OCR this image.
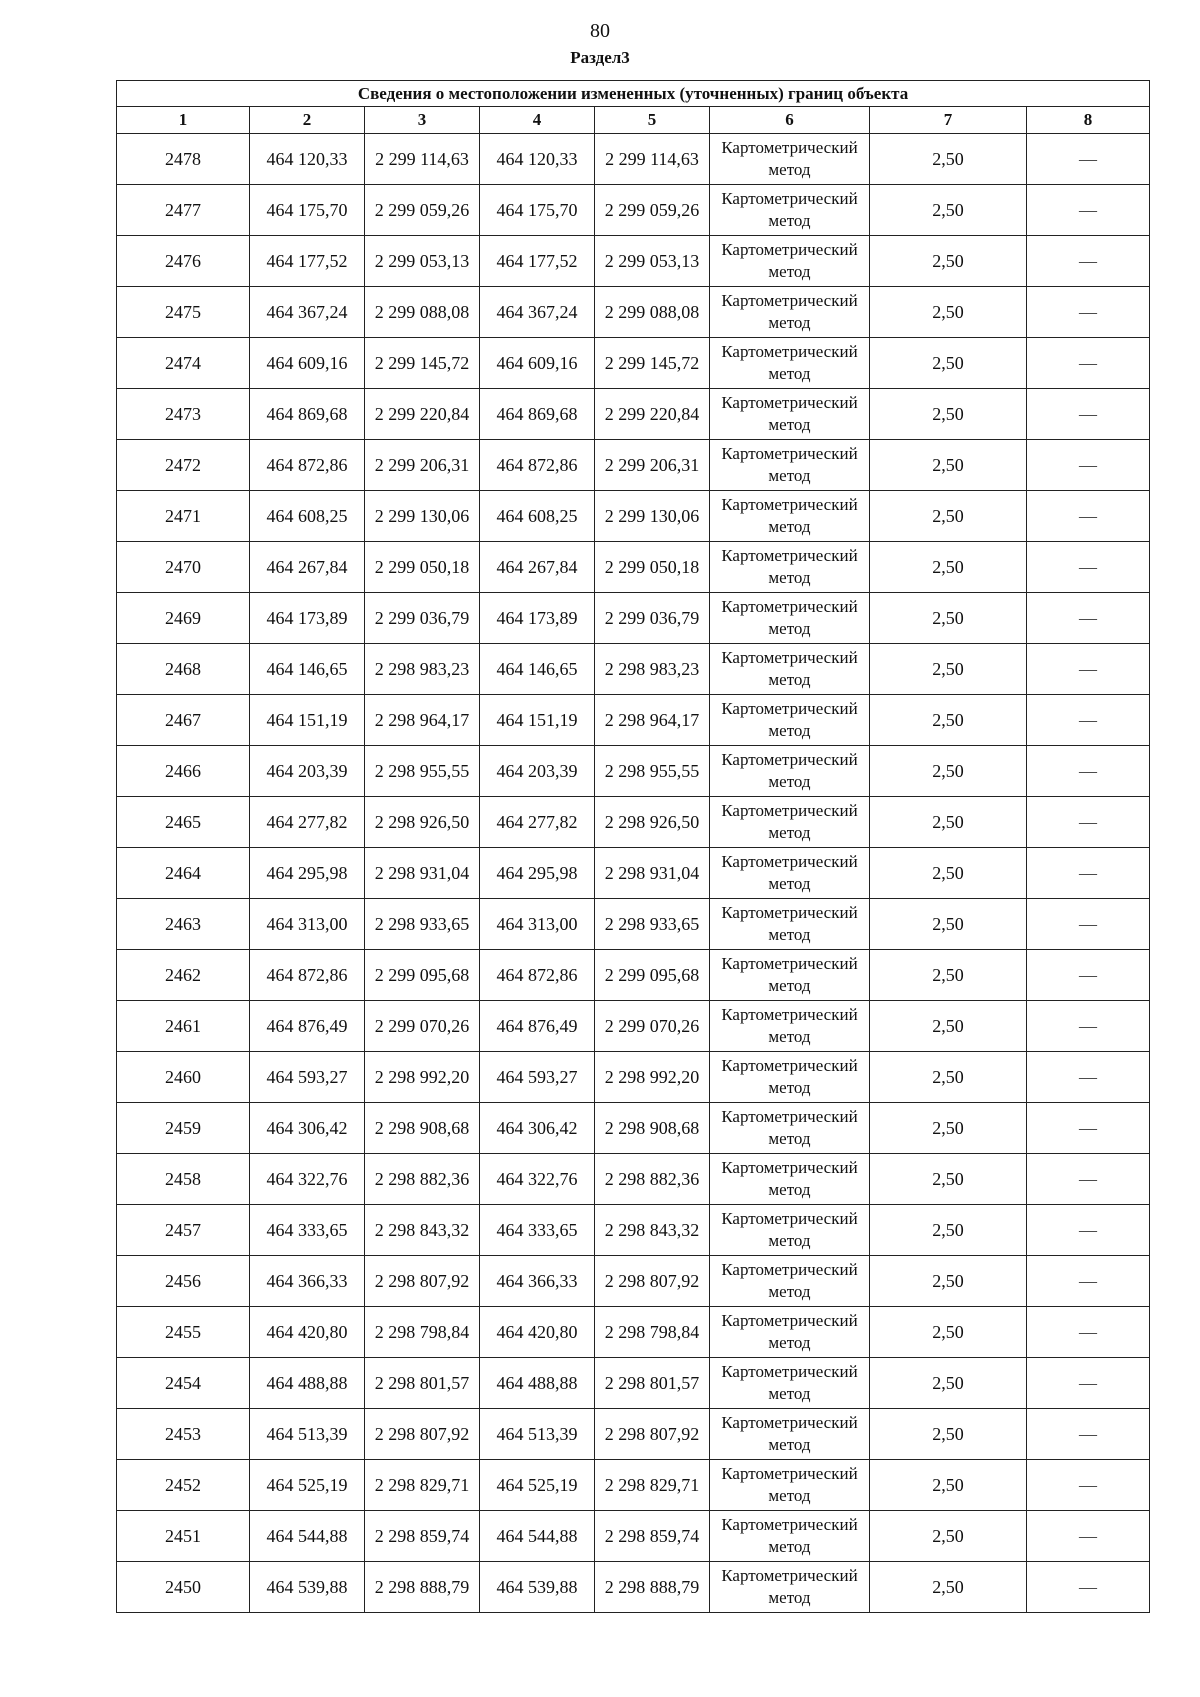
80
Раздел3
Сведения о местоположении измененных (уточненных) границ объекта							
1	2	3	4	5	6	7	8
2478	464 120,33	2 299 114,63	464 120,33	2 299 114,63	Картометрический метод	2,50	—
2477	464 175,70	2 299 059,26	464 175,70	2 299 059,26	Картометрический метод	2,50	—
2476	464 177,52	2 299 053,13	464 177,52	2 299 053,13	Картометрический метод	2,50	—
2475	464 367,24	2 299 088,08	464 367,24	2 299 088,08	Картометрический метод	2,50	—
2474	464 609,16	2 299 145,72	464 609,16	2 299 145,72	Картометрический метод	2,50	—
2473	464 869,68	2 299 220,84	464 869,68	2 299 220,84	Картометрический метод	2,50	—
2472	464 872,86	2 299 206,31	464 872,86	2 299 206,31	Картометрический метод	2,50	—
2471	464 608,25	2 299 130,06	464 608,25	2 299 130,06	Картометрический метод	2,50	—
2470	464 267,84	2 299 050,18	464 267,84	2 299 050,18	Картометрический метод	2,50	—
2469	464 173,89	2 299 036,79	464 173,89	2 299 036,79	Картометрический метод	2,50	—
2468	464 146,65	2 298 983,23	464 146,65	2 298 983,23	Картометрический метод	2,50	—
2467	464 151,19	2 298 964,17	464 151,19	2 298 964,17	Картометрический метод	2,50	—
2466	464 203,39	2 298 955,55	464 203,39	2 298 955,55	Картометрический метод	2,50	—
2465	464 277,82	2 298 926,50	464 277,82	2 298 926,50	Картометрический метод	2,50	—
2464	464 295,98	2 298 931,04	464 295,98	2 298 931,04	Картометрический метод	2,50	—
2463	464 313,00	2 298 933,65	464 313,00	2 298 933,65	Картометрический метод	2,50	—
2462	464 872,86	2 299 095,68	464 872,86	2 299 095,68	Картометрический метод	2,50	—
2461	464 876,49	2 299 070,26	464 876,49	2 299 070,26	Картометрический метод	2,50	—
2460	464 593,27	2 298 992,20	464 593,27	2 298 992,20	Картометрический метод	2,50	—
2459	464 306,42	2 298 908,68	464 306,42	2 298 908,68	Картометрический метод	2,50	—
2458	464 322,76	2 298 882,36	464 322,76	2 298 882,36	Картометрический метод	2,50	—
2457	464 333,65	2 298 843,32	464 333,65	2 298 843,32	Картометрический метод	2,50	—
2456	464 366,33	2 298 807,92	464 366,33	2 298 807,92	Картометрический метод	2,50	—
2455	464 420,80	2 298 798,84	464 420,80	2 298 798,84	Картометрический метод	2,50	—
2454	464 488,88	2 298 801,57	464 488,88	2 298 801,57	Картометрический метод	2,50	—
2453	464 513,39	2 298 807,92	464 513,39	2 298 807,92	Картометрический метод	2,50	—
2452	464 525,19	2 298 829,71	464 525,19	2 298 829,71	Картометрический метод	2,50	—
2451	464 544,88	2 298 859,74	464 544,88	2 298 859,74	Картометрический метод	2,50	—
2450	464 539,88	2 298 888,79	464 539,88	2 298 888,79	Картометрический метод	2,50	—
